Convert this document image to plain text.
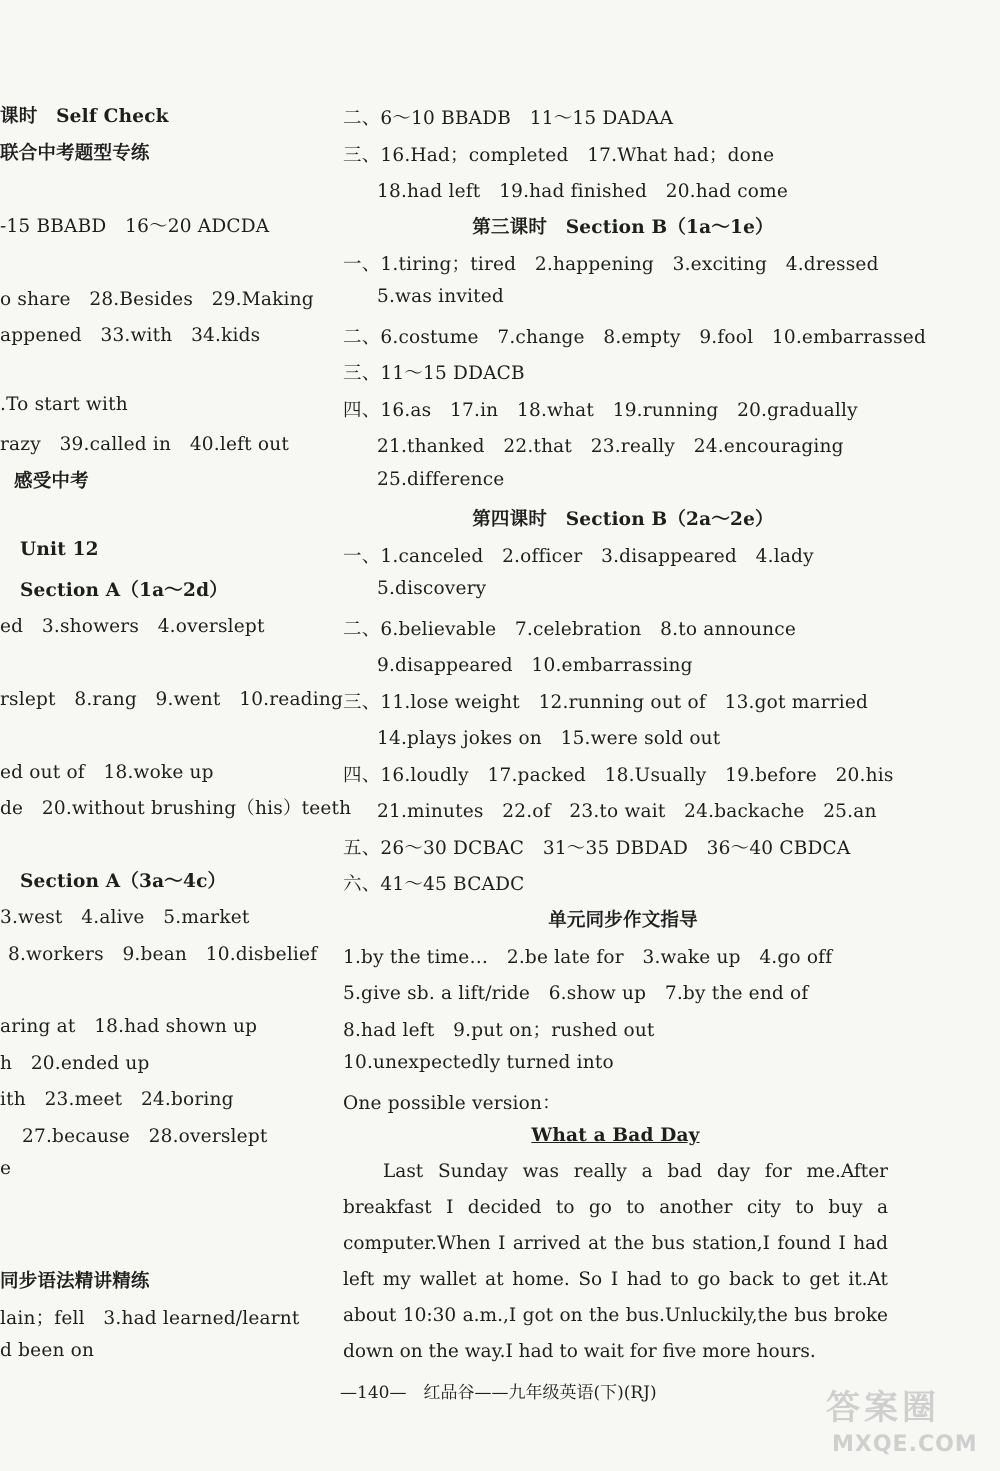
课时　Self Check
联合中考题型专练
-15 BBABD　16～20 ADCDA
o share　28.Besides　29.Making
appened　33.with　34.kids
.To start with
razy　39.called in　40.left out
感受中考
Unit 12
Section A（1a～2d）
ed　3.showers　4.overslept
rslept　8.rang　9.went　10.reading
ed out of　18.woke up
de　20.without brushing（his）teeth
Section A（3a～4c）
3.west　4.alive　5.market
8.workers　9.bean　10.disbelief
aring at　18.had shown up
h　20.ended up
ith　23.meet　24.boring
27.because　28.overslept
e
同步语法精讲精练
lain；fell　3.had learned/learnt
d been on
二、6～10 BBADB　11～15 DADAA
三、16.Had；completed　17.What had；done
18.had left　19.had finished　20.had come
第三课时　Section B（1a～1e）
一、1.tiring；tired　2.happening　3.exciting　4.dressed
5.was invited
二、6.costume　7.change　8.empty　9.fool　10.embarrassed
三、11～15 DDACB
四、16.as　17.in　18.what　19.running　20.gradually
21.thanked　22.that　23.really　24.encouraging
25.difference
第四课时　Section B（2a～2e）
一、1.canceled　2.officer　3.disappeared　4.lady
5.discovery
二、6.believable　7.celebration　8.to announce
9.disappeared　10.embarrassing
三、11.lose weight　12.running out of　13.got married
14.plays jokes on　15.were sold out
四、16.loudly　17.packed　18.Usually　19.before　20.his
21.minutes　22.of　23.to wait　24.backache　25.an
五、26～30 DCBAC　31～35 DBDAD　36～40 CBDCA
六、41～45 BCADC
单元同步作文指导
1.by the time…　2.be late for　3.wake up　4.go off
5.give sb. a lift/ride　6.show up　7.by the end of
8.had left　9.put on；rushed out
10.unexpectedly turned into
One possible version：
What a Bad Day
Last Sunday was really a bad day for me.After breakfast I decided to go to another city to buy a computer.When I arrived at the bus station,I found I had left my wallet at home. So I had to go back to get it.At about 10:30 a.m.,I got on the bus.Unluckily,the bus broke down on the way.I had to wait for five more hours.
—140—　红品谷——九年级英语(下)(RJ)	答案圈
MXQE.COM
